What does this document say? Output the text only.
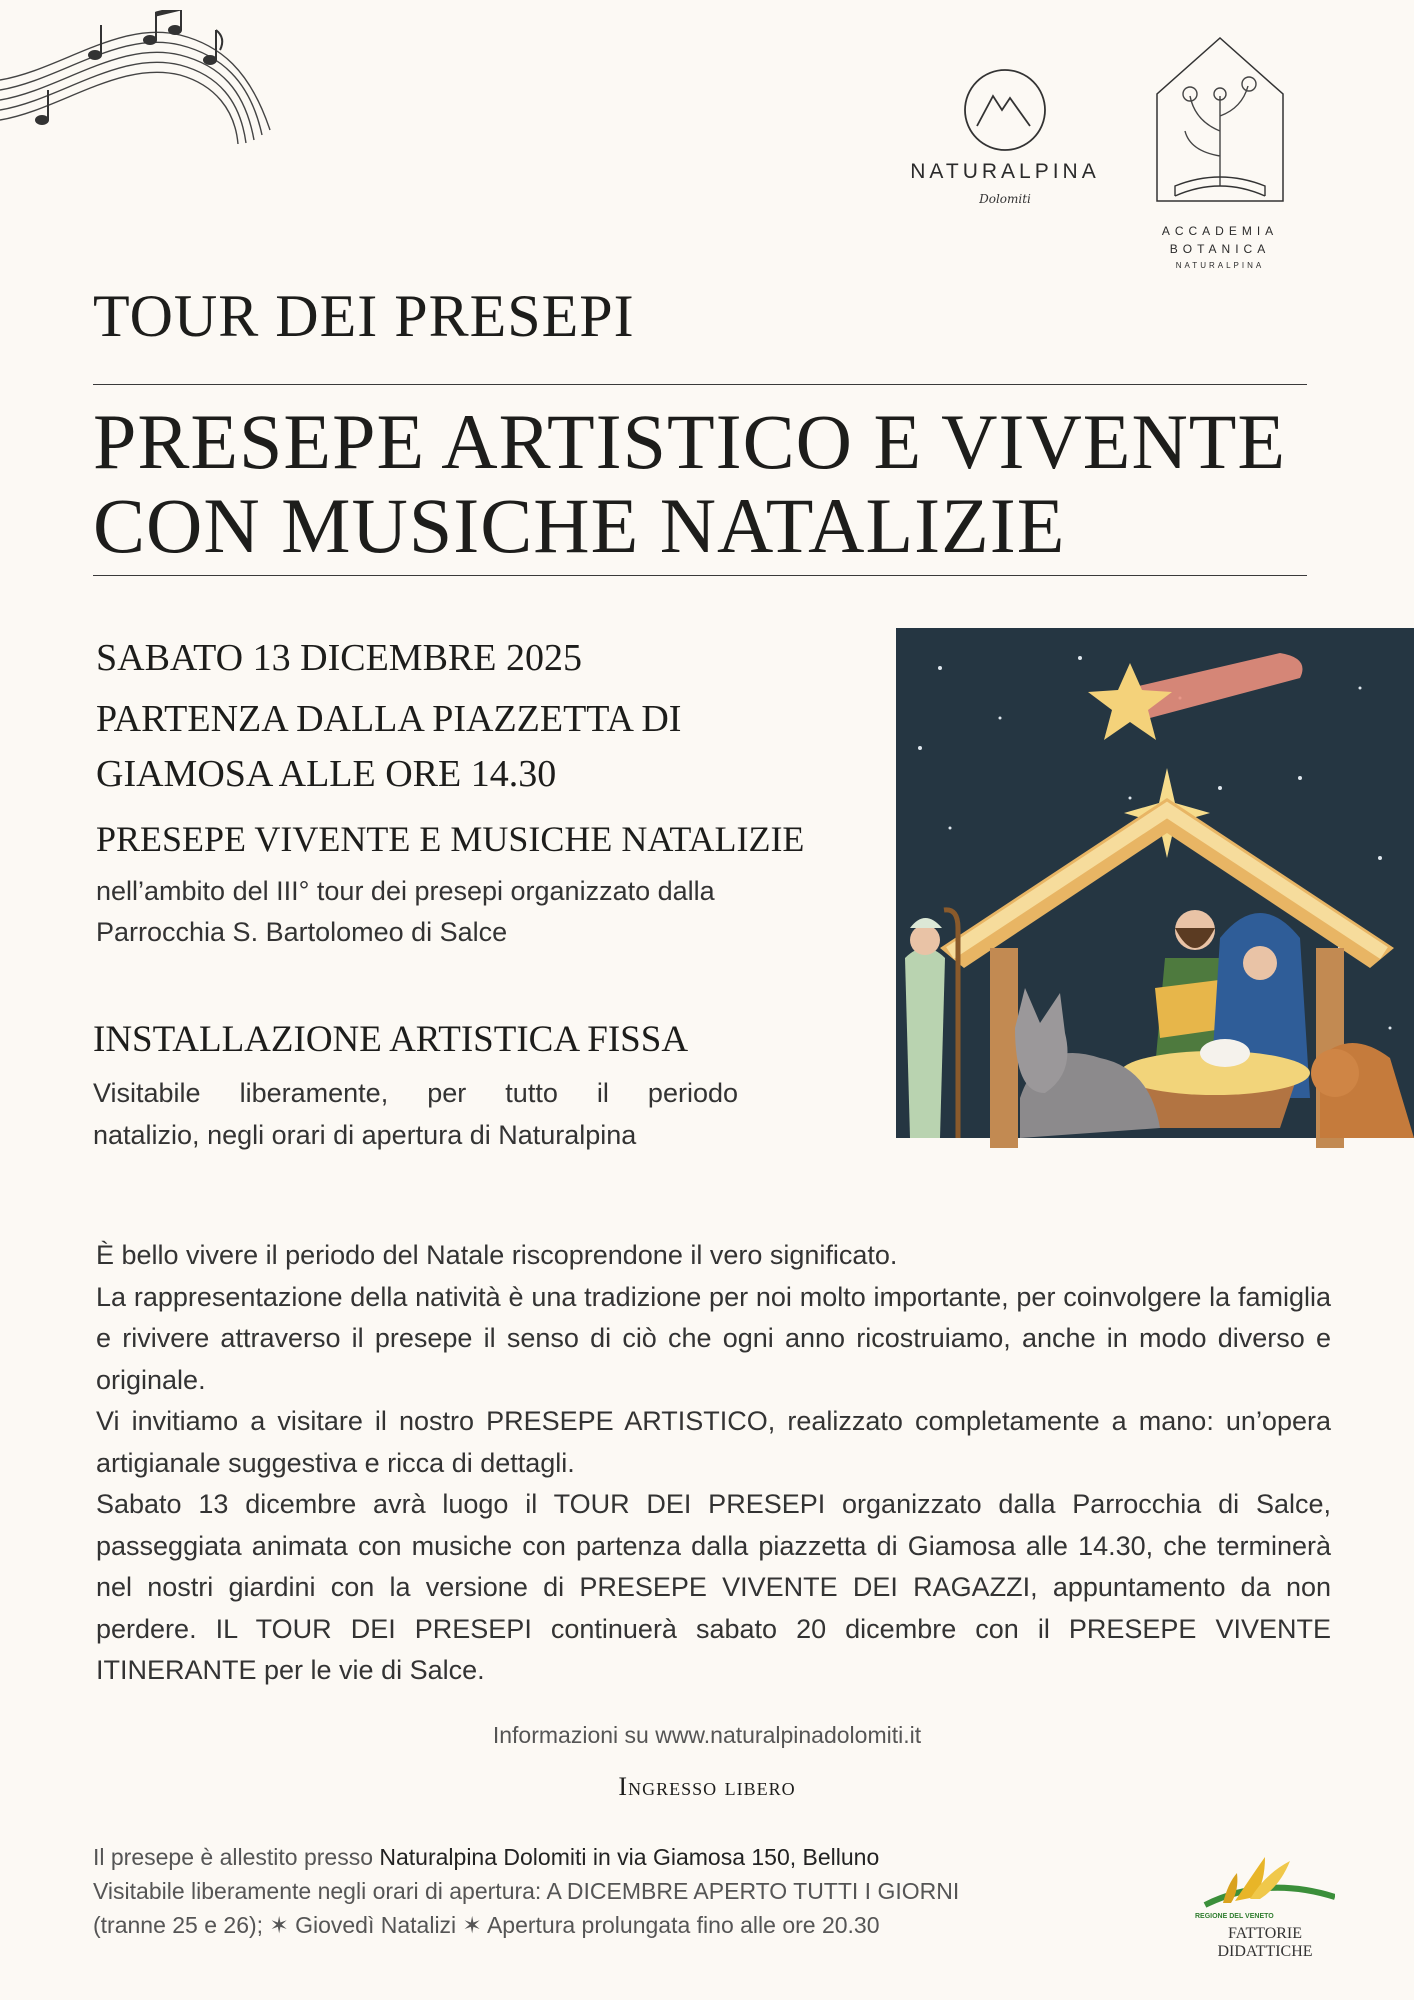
NATURALPINA
Dolomiti
ACCADEMIA
BOTANICA
NATURALPINA
TOUR DEI PRESEPI
PRESEPE ARTISTICO E VIVENTE
CON MUSICHE NATALIZIE
SABATO 13 DICEMBRE 2025
PARTENZA DALLA PIAZZETTA DI
GIAMOSA ALLE ORE 14.30
PRESEPE VIVENTE E MUSICHE NATALIZIE
nell’ambito del III° tour dei presepi organizzato dalla
Parrocchia S. Bartolomeo di Salce
INSTALLAZIONE ARTISTICA FISSA
Visitabile liberamente, per tutto il periodo
natalizio, negli orari di apertura di Naturalpina
È bello vivere il periodo del Natale riscoprendone il vero significato.
La rappresentazione della natività è una tradizione per noi molto importante, per coinvolgere la famiglia e rivivere attraverso il presepe il senso di ciò che ogni anno ricostruiamo, anche in modo diverso e originale.
Vi invitiamo a visitare il nostro PRESEPE ARTISTICO, realizzato completamente a mano: un’opera artigianale suggestiva e ricca di dettagli.
Sabato 13 dicembre avrà luogo il TOUR DEI PRESEPI organizzato dalla Parrocchia di Salce, passeggiata animata con musiche con partenza dalla piazzetta di Giamosa alle 14.30, che terminerà nel nostri giardini con la versione di PRESEPE VIVENTE DEI RAGAZZI, appuntamento da non perdere. IL TOUR DEI PRESEPI continuerà sabato 20 dicembre con il PRESEPE VIVENTE ITINERANTE per le vie di Salce.
Informazioni su www.naturalpinadolomiti.it
Ingresso libero
Il presepe è allestito presso Naturalpina Dolomiti in via Giamosa 150, Belluno
Visitabile liberamente negli orari di apertura: A DICEMBRE APERTO TUTTI I GIORNI
(tranne 25 e 26); ✶ Giovedì Natalizi ✶ Apertura prolungata fino alle ore 20.30	REGIONE DEL VENETO
FATTORIE
DIDATTICHE
